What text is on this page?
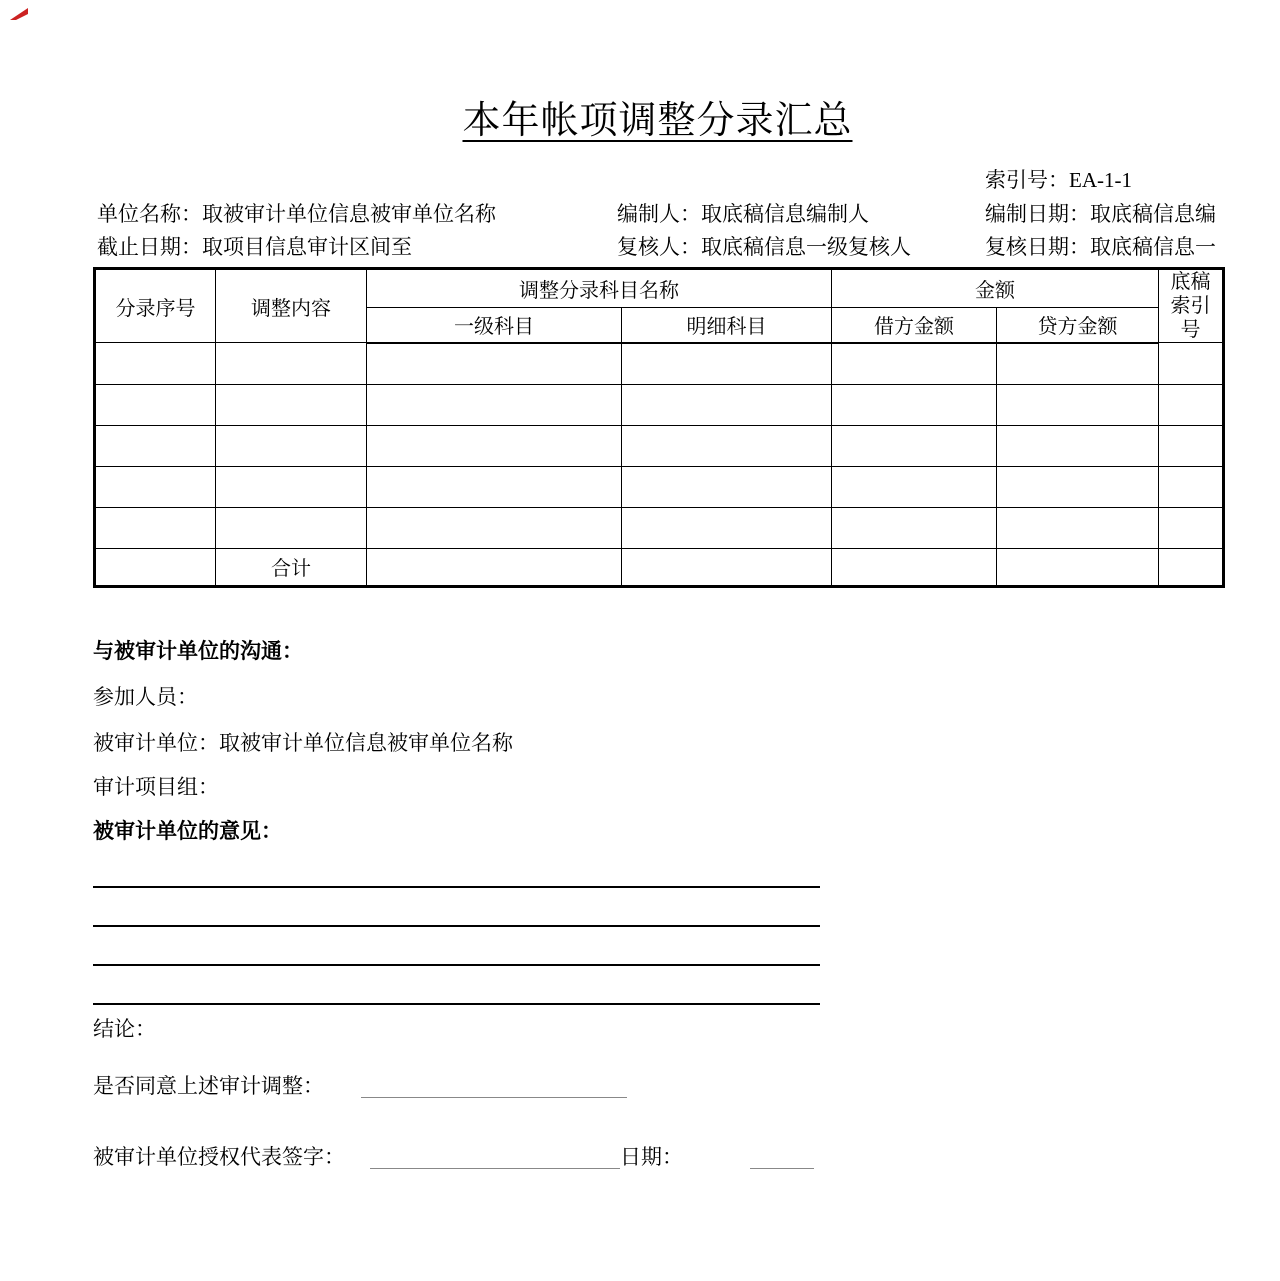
本年帐项调整分录汇总
索引号：EA-1-1
单位名称：取被审计单位信息被审单位名称	编制人：取底稿信息编制人	编制日期：取底稿信息编
截止日期：取项目信息审计区间至	复核人：取底稿信息一级复核人	复核日期：取底稿信息一
分录序号	调整内容	调整分录科目名称		金额		底稿索引号
		一级科目	明细科目	借方金额	贷方金额	

	合计					
与被审计单位的沟通：
参加人员：
被审计单位：取被审计单位信息被审单位名称
审计项目组：
被审计单位的意见：
结论：
是否同意上述审计调整：
被审计单位授权代表签字：	日期：
